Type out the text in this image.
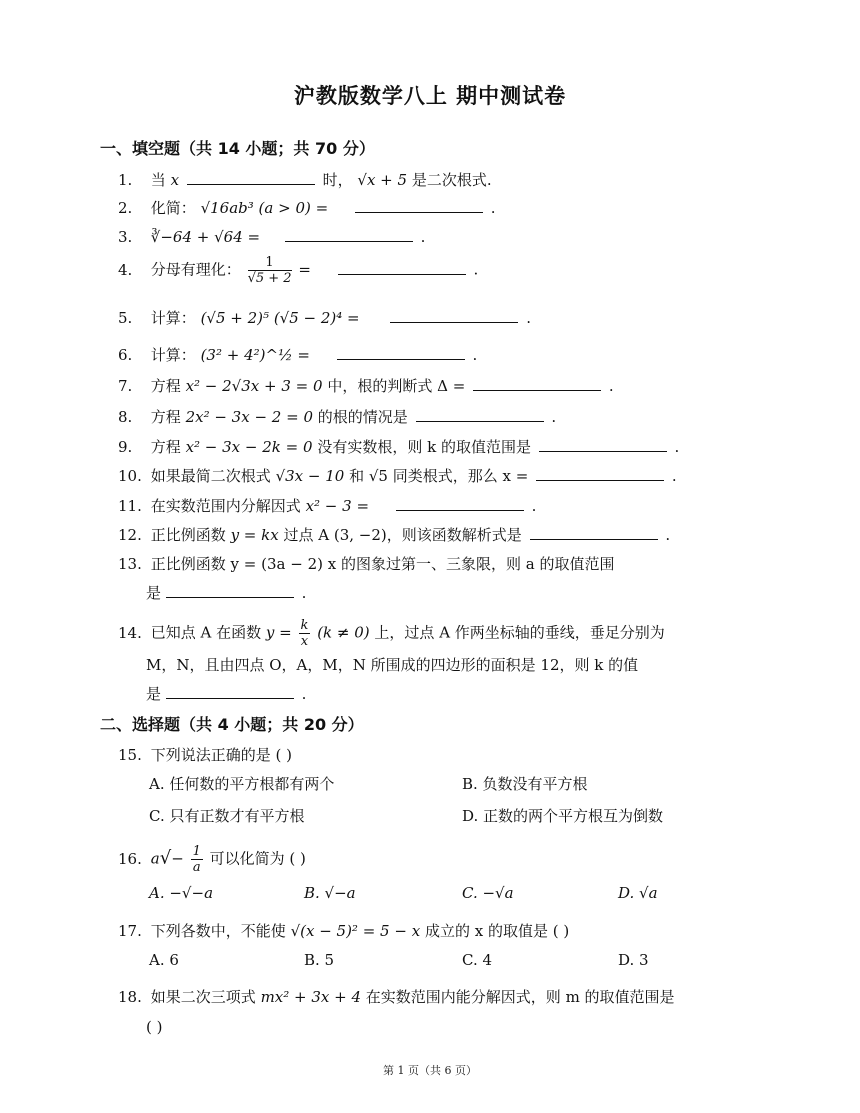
沪教版数学八上 期中测试卷
一、填空题（共 14 小题；共 70 分）
1. 当 x	时， √x + 5 是二次根式.
2. 化简： √16ab³ (a > 0) =	.
3. ∛−64 + √64 =	.
4. 分母有理化： $\frac{1}{√5 + 2}$ =	.
5. 计算： (√5 + 2)⁵ (√5 − 2)⁴ =	.
6. 计算： (3² + 4²)^½ =	.
7. 方程 x² − 2√3x + 3 = 0 中，根的判断式 Δ =	.
8. 方程 2x² − 3x − 2 = 0 的根的情况是	.
9. 方程 x² − 3x − 2k = 0 没有实数根，则 k 的取值范围是	.
10. 如果最简二次根式 √3x − 10 和 √5 同类根式，那么 x =	.
11. 在实数范围内分解因式 x² − 3 =	.
12. 正比例函数 y = kx 过点 A (3, −2)，则该函数解析式是	.
13. 正比例函数 y = (3a − 2) x 的图象过第一、三象限，则 a 的取值范围
是	.
14. 已知点 A 在函数 $y = \frac{k}{x} (k \ne 0)$ 上，过点 A 作两坐标轴的垂线，垂足分别为
M，N，且由四点 O，A，M，N 所围成的四边形的面积是 12，则 k 的值
是	.
二、选择题（共 4 小题；共 20 分）
15. 下列说法正确的是 ( )
A. 任何数的平方根都有两个	B. 负数没有平方根
C. 只有正数才有平方根	D. 正数的两个平方根互为倒数
16. $a√- \frac{1}{a}$ 可以化简为 ( )
A. −√−a	B. √−a	C. −√a	D. √a
17. 下列各数中，不能使 √(x − 5)² = 5 − x 成立的 x 的取值是 ( )
A. 6	B. 5	C. 4	D. 3
18. 如果二次三项式 mx² + 3x + 4 在实数范围内能分解因式，则 m 的取值范围是
( )
第 1 页（共 6 页）
